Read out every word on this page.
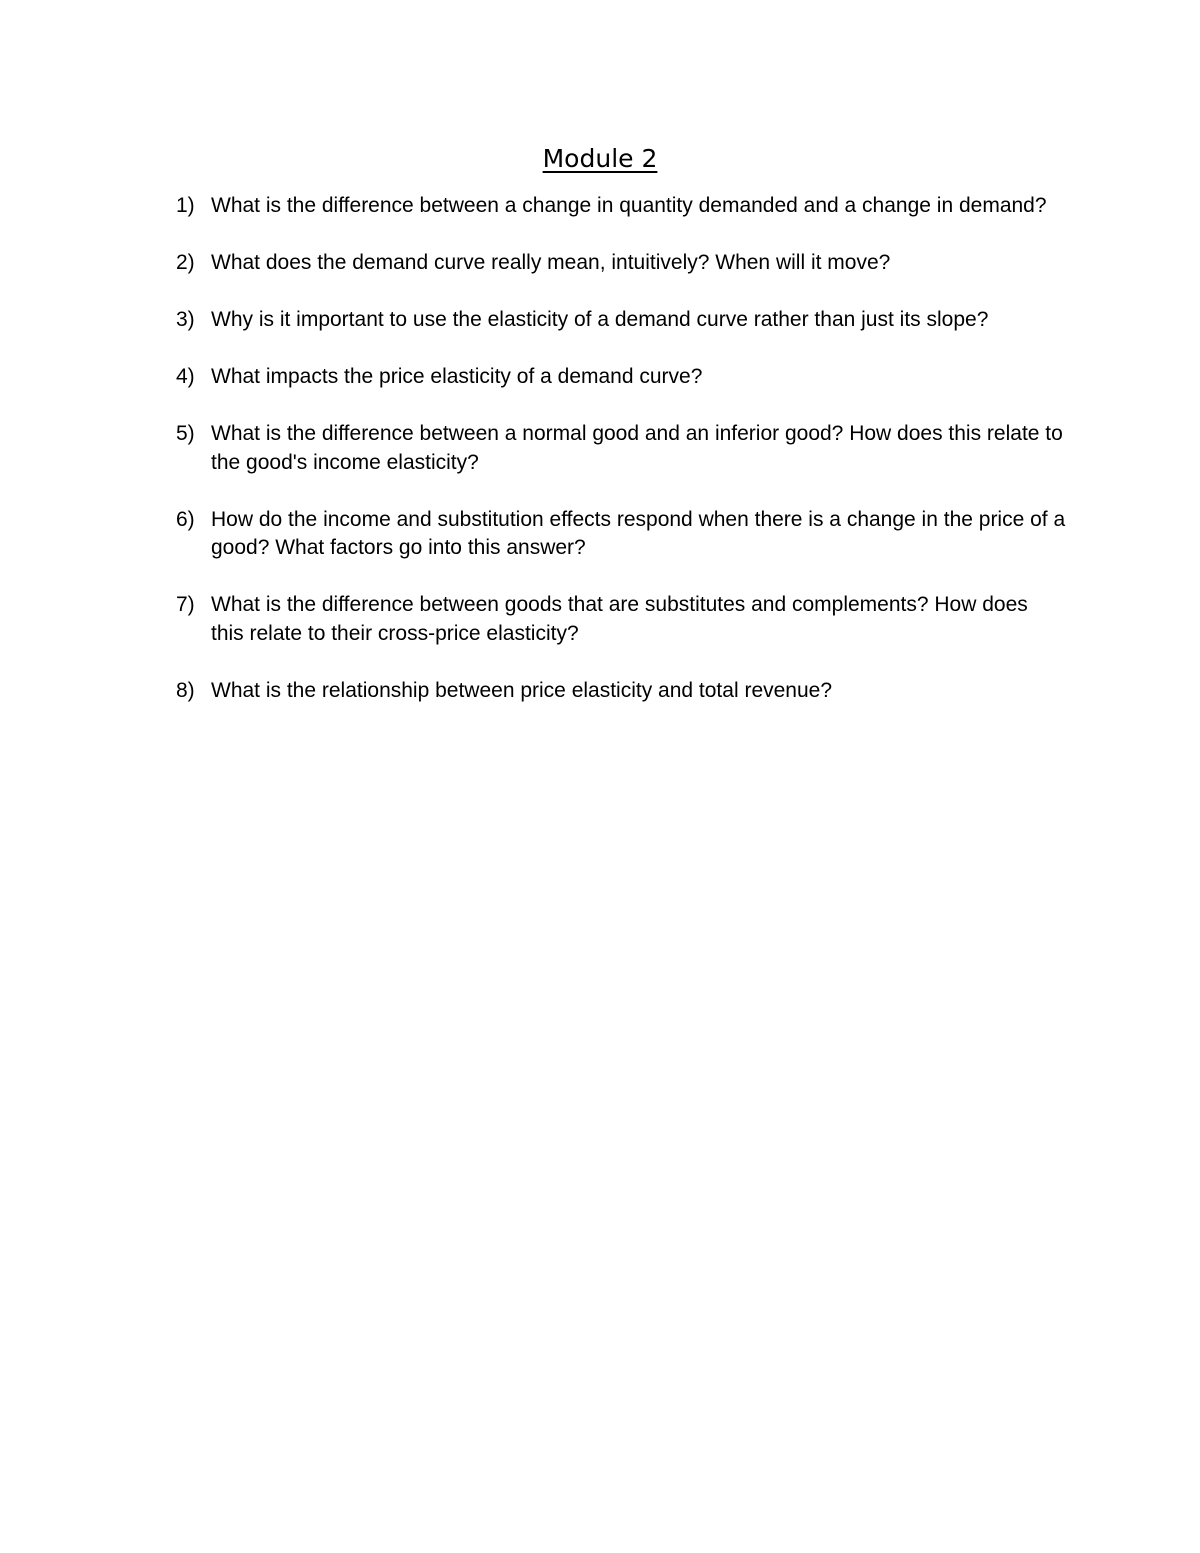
Module 2
1) What is the difference between a change in quantity demanded and a change in demand?
2) What does the demand curve really mean, intuitively? When will it move?
3) Why is it important to use the elasticity of a demand curve rather than just its slope?
4) What impacts the price elasticity of a demand curve?
5) What is the difference between a normal good and an inferior good? How does this relate to the good's income elasticity?
6) How do the income and substitution effects respond when there is a change in the price of a good? What factors go into this answer?
7) What is the difference between goods that are substitutes and complements? How does this relate to their cross-price elasticity?
8) What is the relationship between price elasticity and total revenue?
